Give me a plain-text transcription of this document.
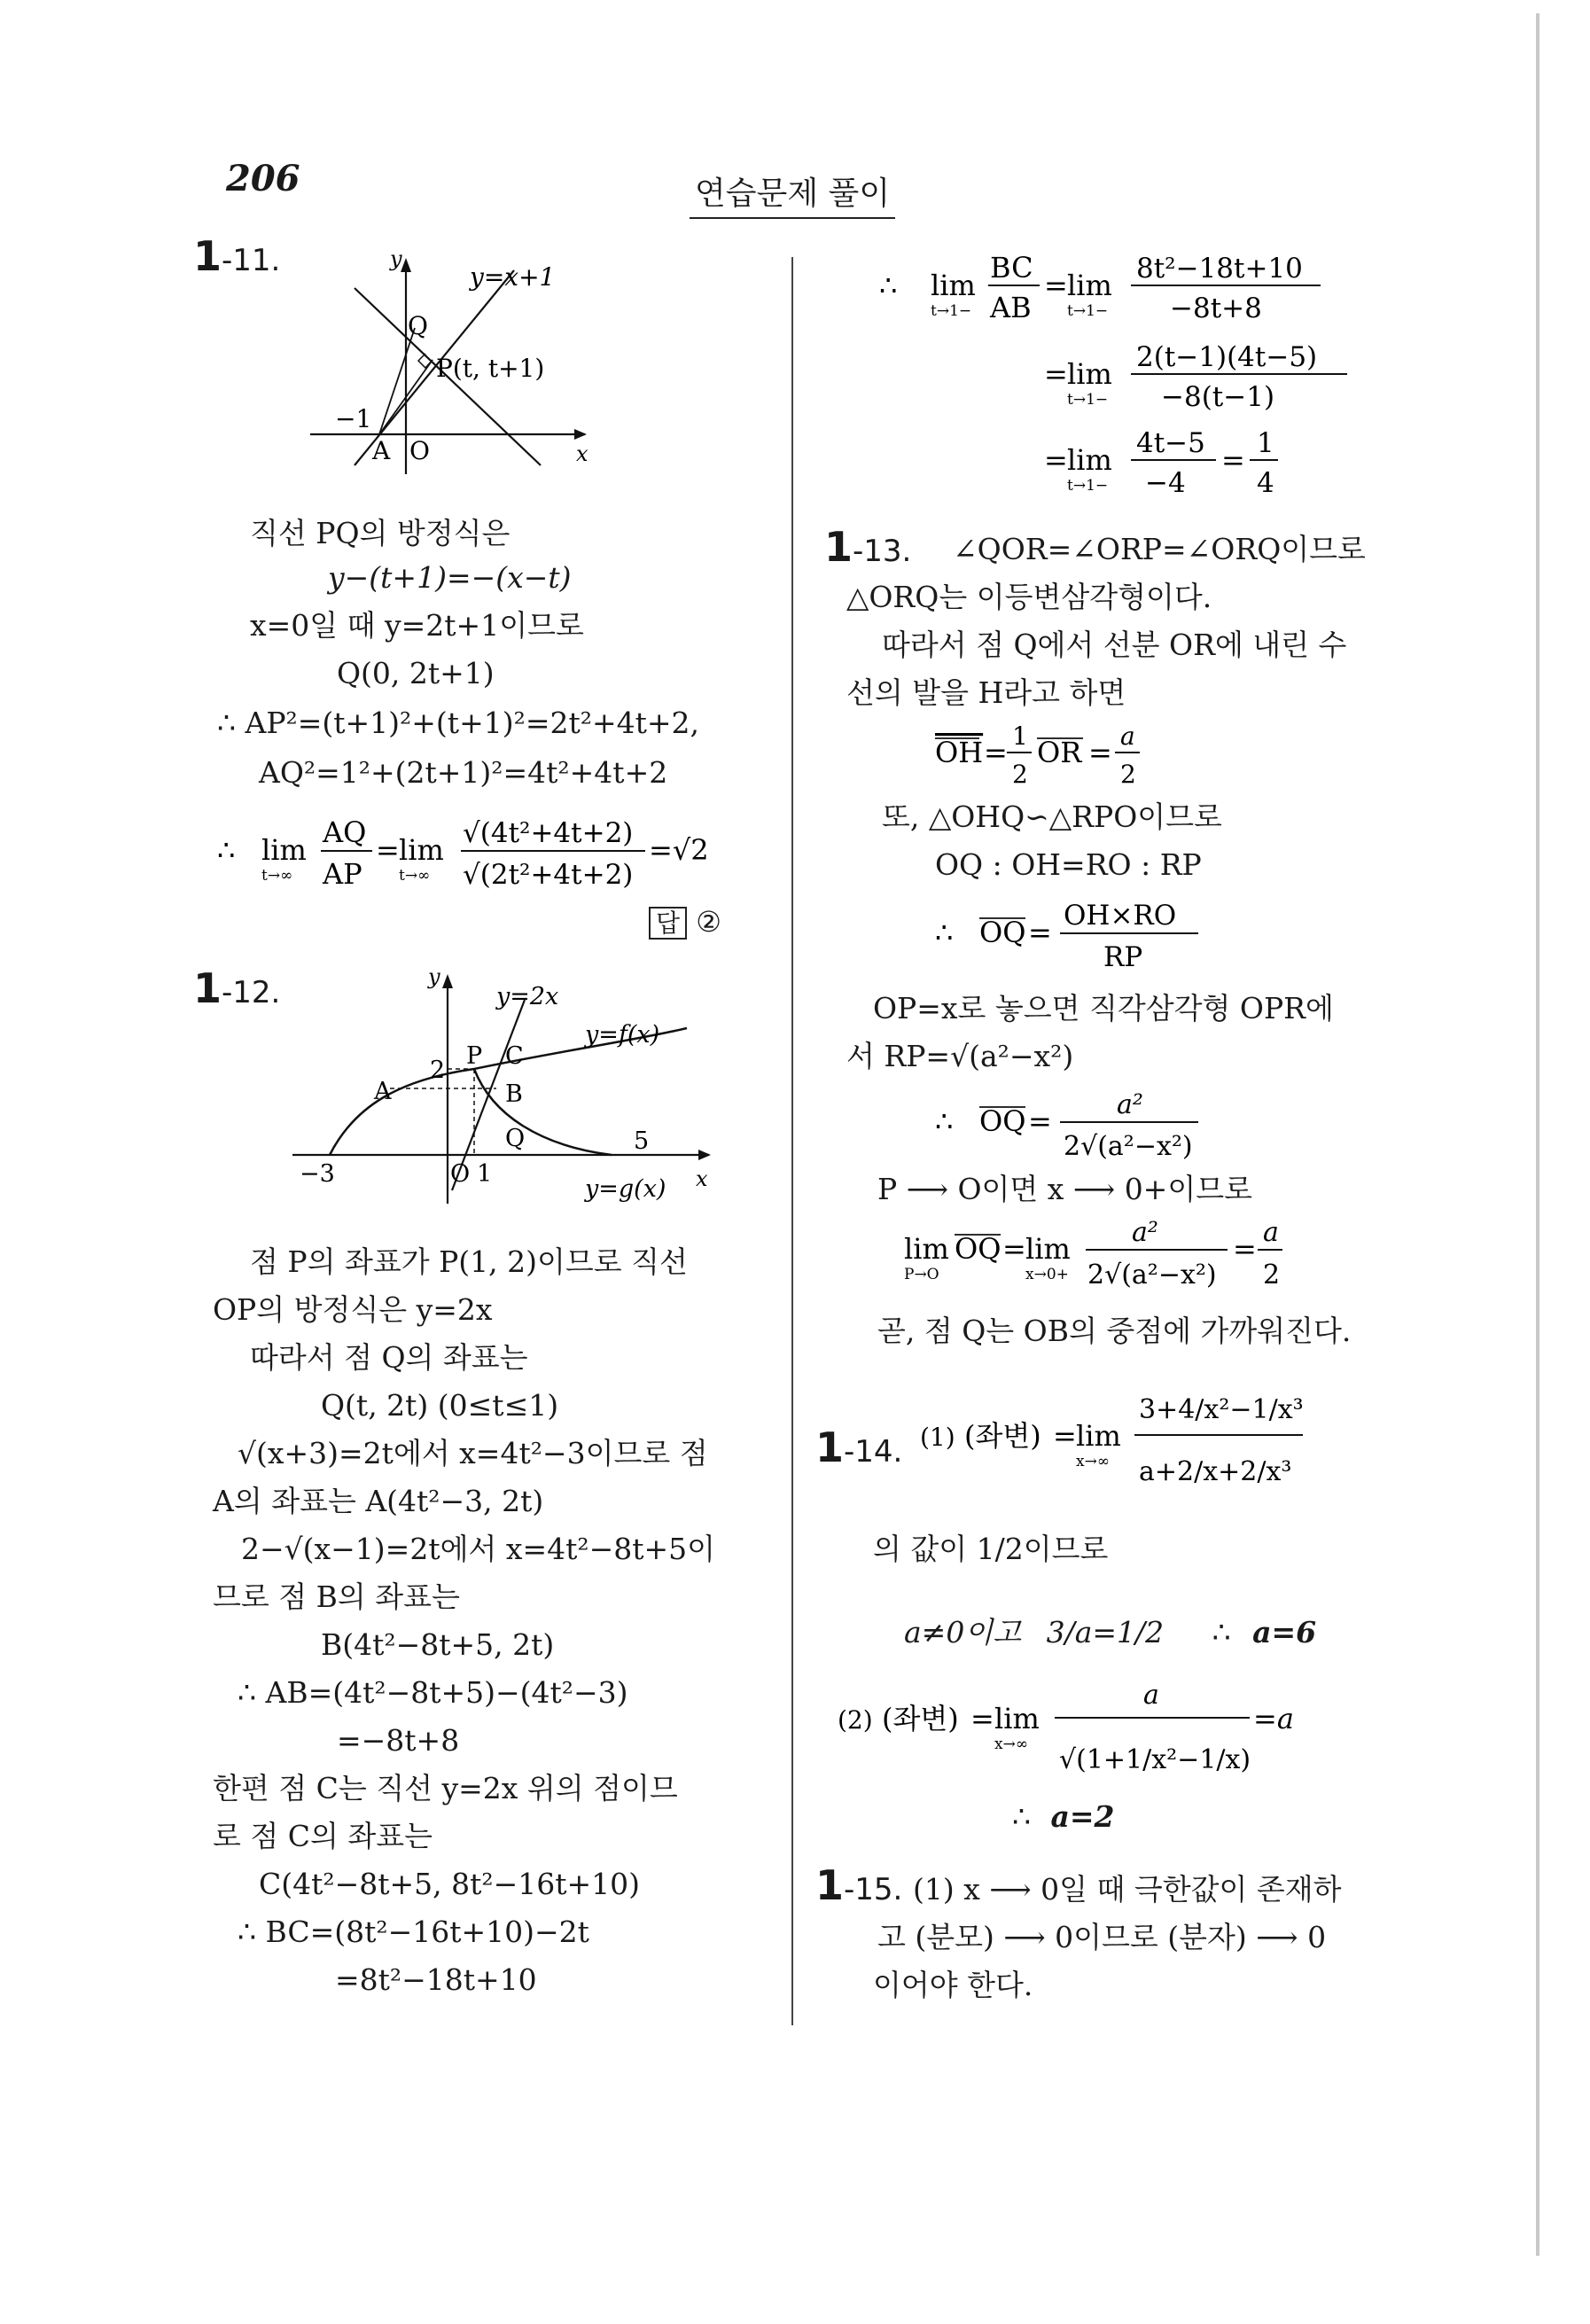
206	연습문제 풀이
1-11.	y
x
y=x+1
Q
P(t, t+1)
−1
A O
직선 PQ의 방정식은
y−(t+1)=−(x−t)
x=0일 때 y=2t+1이므로
Q(0, 2t+1)
∴ AP²=(t+1)²+(t+1)²=2t²+4t+2,
AQ²=1²+(2t+1)²=4t²+4t+2
∴ lim
t→∞
AQ
AP
= lim
t→∞
√(4t²+4t+2)
√(2t²+4t+2)
=√2
답 ②
1-12.	y=2x
y=f(x)
y=g(x)
y
x
C
P
B
A
Q
2
5
−3	O 1
점 P의 좌표가 P(1, 2)이므로 직선
OP의 방정식은 y=2x
따라서 점 Q의 좌표는
Q(t, 2t) (0≤t≤1)
√(x+3)=2t에서 x=4t²−3이므로 점
A의 좌표는 A(4t²−3, 2t)
2−√(x−1)=2t에서 x=4t²−8t+5이
므로 점 B의 좌표는
B(4t²−8t+5, 2t)
∴ AB=(4t²−8t+5)−(4t²−3)
=−8t+8
한편 점 C는 직선 y=2x 위의 점이므
로 점 C의 좌표는
C(4t²−8t+5, 8t²−16t+10)
∴ BC=(8t²−16t+10)−2t
=8t²−18t+10
∴ lim
t→1−
BC
AB
= lim
t→1−
8t²−18t+10
−8t+8
= lim
t→1−
2(t−1)(4t−5)
−8(t−1)
= lim
t→1−
4t−5
−4
= 1
4
1-13. ∠QOR=∠ORP=∠ORQ이므로
△ORQ는 이등변삼각형이다.
따라서 점 Q에서 선분 OR에 내린 수
선의 발을 H라고 하면
OH = 1
2
OR = a
2
또, △OHQ∽△RPO이므로
OQ : OH=RO : RP
∴ OQ = OH×RO
RP
OP=x로 놓으면 직각삼각형 OPR에
서 RP=√(a²−x²)
∴ OQ = a²
2√(a²−x²)
P ⟶ O이면 x ⟶ 0+이므로
lim
P→O
OQ = lim
x→0+
a²
2√(a²−x²)
= a
2
곧, 점 Q는 OB의 중점에 가까워진다.
1-14. (1) (좌변) = lim
x→∞
3+4/x²−1/x³
a+2/x+2/x³
의 값이 1/2이므로
a≠0이고 3/a=1/2 ∴ a=6
(2) (좌변) = lim
x→∞
a
√(1+1/x²−1/x)
=a
∴ a=2
1-15. (1) x ⟶ 0일 때 극한값이 존재하
고 (분모) ⟶ 0이므로 (분자) ⟶ 0
이어야 한다.
